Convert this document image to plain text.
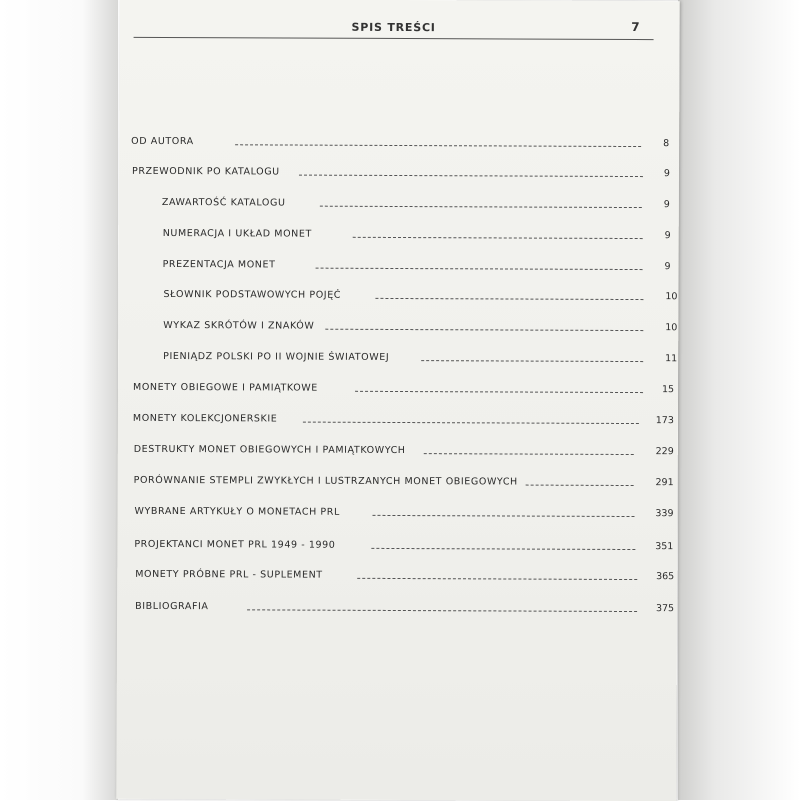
SPIS TREŚCI	7
OD AUTORA	8
PRZEWODNIK PO KATALOGU	9
ZAWARTOŚĆ KATALOGU	9
NUMERACJA I UKŁAD MONET	9
PREZENTACJA MONET	9
SŁOWNIK PODSTAWOWYCH POJĘĆ	10
WYKAZ SKRÓTÓW I ZNAKÓW	10
PIENIĄDZ POLSKI PO II WOJNIE ŚWIATOWEJ	11
MONETY OBIEGOWE I PAMIĄTKOWE	15
MONETY KOLEKCJONERSKIE	173
DESTRUKTY MONET OBIEGOWYCH I PAMIĄTKOWYCH	229
PORÓWNANIE STEMPLI ZWYKŁYCH I LUSTRZANYCH MONET OBIEGOWYCH	291
WYBRANE ARTYKUŁY O MONETACH PRL	339
PROJEKTANCI MONET PRL 1949 - 1990	351
MONETY PRÓBNE PRL - SUPLEMENT	365
BIBLIOGRAFIA	375
